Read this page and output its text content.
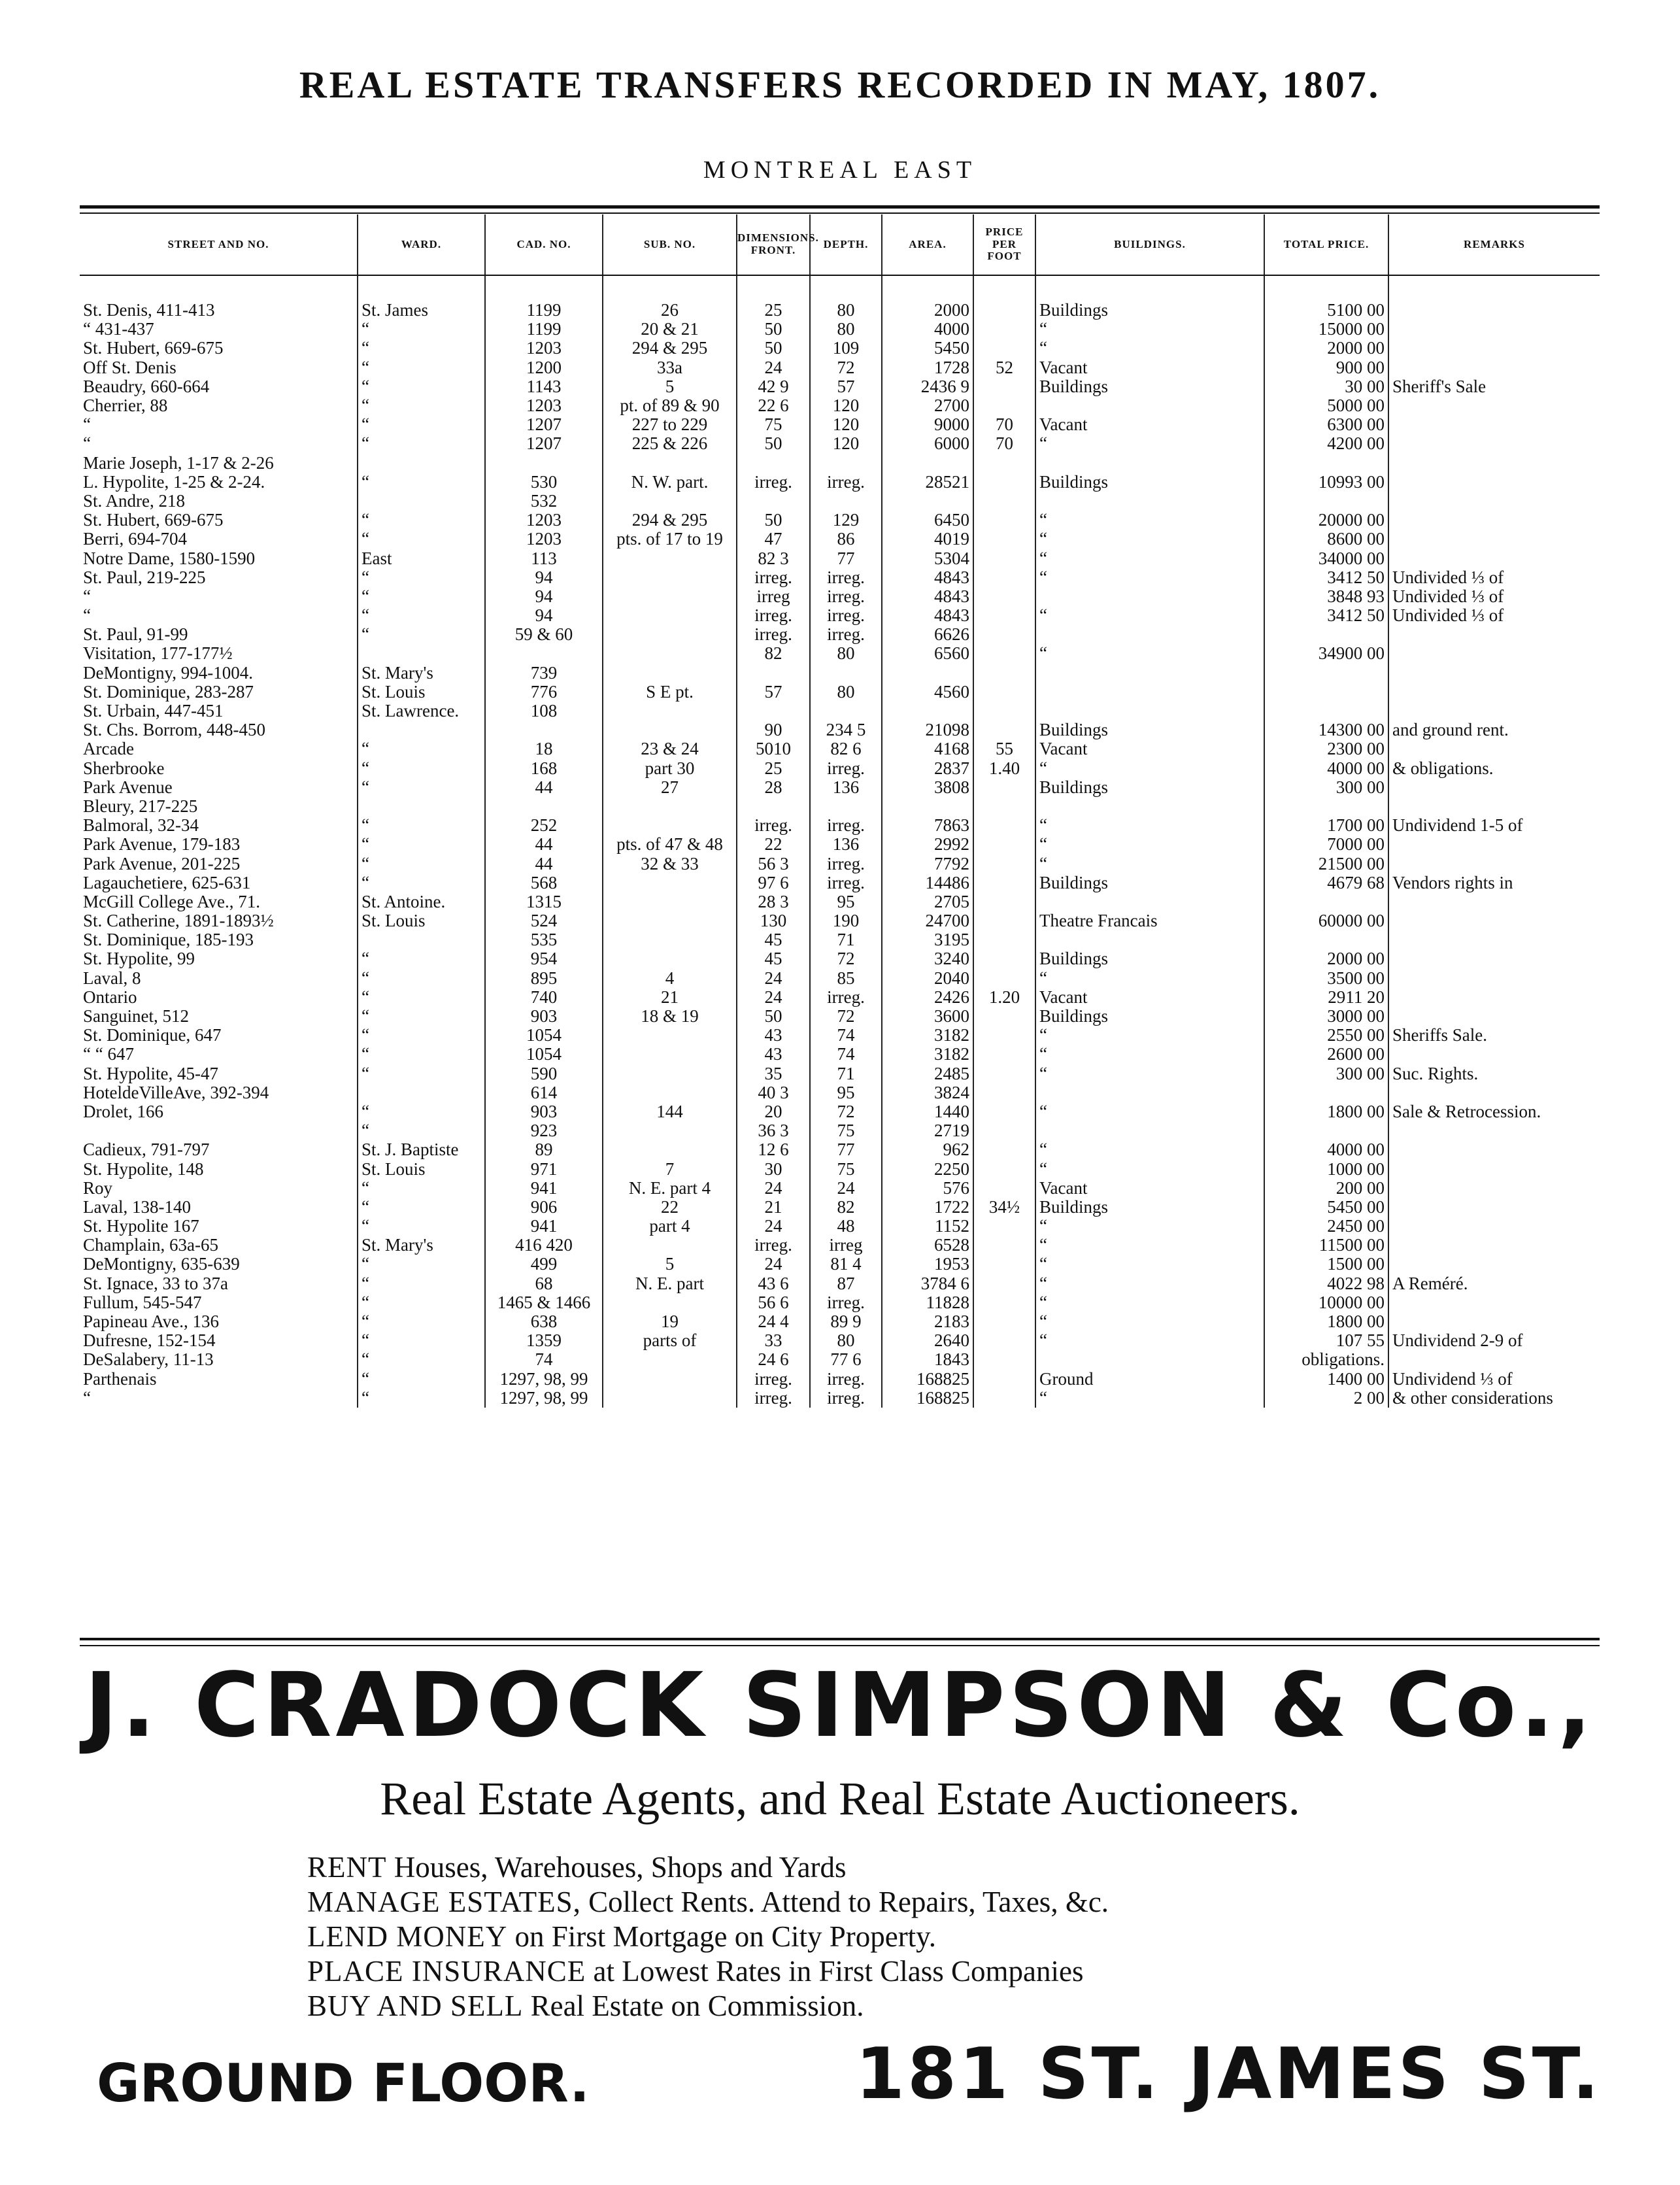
REAL ESTATE TRANSFERS RECORDED IN MAY, 1807.
MONTREAL EAST
STREET AND NO.	WARD.	CAD. NO.	SUB. NO.	DIMENSIONS. FRONT.	DEPTH.	AREA.	PRICE PER FOOT	BUILDINGS.	TOTAL PRICE.	REMARKS

St. Denis, 411-413	St. James	1199	26	25	80	2000		Buildings	5100 00	
“ 431-437	“	1199	20 & 21	50	80	4000		“	15000 00	
St. Hubert, 669-675	“	1203	294 & 295	50	109	5450		“	2000 00	
Off St. Denis	“	1200	33a	24	72	1728	52	Vacant	900 00	
Beaudry, 660-664	“	1143	5	42 9	57	2436 9		Buildings	30 00	Sheriff's Sale
Cherrier, 88	“	1203	pt. of 89 & 90	22 6	120	2700			5000 00	
“	“	1207	227 to 229	75	120	9000	70	Vacant	6300 00	
“	“	1207	225 & 226	50	120	6000	70	“	4200 00	
Marie Joseph, 1-17 & 2-26										
L. Hypolite, 1-25 & 2-24.	“	530	N. W. part.	irreg.	irreg.	28521		Buildings	10993 00	
St. Andre, 218		532								
St. Hubert, 669-675	“	1203	294 & 295	50	129	6450		“	20000 00	
Berri, 694-704	“	1203	pts. of 17 to 19	47	86	4019		“	8600 00	
Notre Dame, 1580-1590	East	113		82 3	77	5304		“	34000 00	
St. Paul, 219-225	“	94		irreg.	irreg.	4843		“	3412 50	Undivided ⅓ of
“	“	94		irreg	irreg.	4843			3848 93	Undivided ⅓ of
“	“	94		irreg.	irreg.	4843		“	3412 50	Undivided ⅓ of
St. Paul, 91-99	“	59 & 60		irreg.	irreg.	6626				
Visitation, 177-177½				82	80	6560		“	34900 00	
DeMontigny, 994-1004.	St. Mary's	739								
St. Dominique, 283-287	St. Louis	776	S E pt.	57	80	4560				
St. Urbain, 447-451	St. Lawrence.	108								
St. Chs. Borrom, 448-450				90	234 5	21098		Buildings	14300 00	and ground rent.
Arcade	“	18	23 & 24	5010	82 6	4168	55	Vacant	2300 00	
Sherbrooke	“	168	part 30	25	irreg.	2837	1.40	“	4000 00	& obligations.
Park Avenue	“	44	27	28	136	3808		Buildings	300 00	
Bleury, 217-225										
Balmoral, 32-34	“	252		irreg.	irreg.	7863		“	1700 00	Undividend 1-5 of
Park Avenue, 179-183	“	44	pts. of 47 & 48	22	136	2992		“	7000 00	
Park Avenue, 201-225	“	44	32 & 33	56 3	irreg.	7792		“	21500 00	
Lagauchetiere, 625-631	“	568		97 6	irreg.	14486		Buildings	4679 68	Vendors rights in
McGill College Ave., 71.	St. Antoine.	1315		28 3	95	2705				
St. Catherine, 1891-1893½	St. Louis	524		130	190	24700		Theatre Francais	60000 00	
St. Dominique, 185-193		535		45	71	3195				
St. Hypolite, 99	“	954		45	72	3240		Buildings	2000 00	
Laval, 8	“	895	4	24	85	2040		“	3500 00	
Ontario	“	740	21	24	irreg.	2426	1.20	Vacant	2911 20	
Sanguinet, 512	“	903	18 & 19	50	72	3600		Buildings	3000 00	
St. Dominique, 647	“	1054		43	74	3182		“	2550 00	Sheriffs Sale.
“ “ 647	“	1054		43	74	3182		“	2600 00	
St. Hypolite, 45-47	“	590		35	71	2485		“	300 00	Suc. Rights.
HoteldeVilleAve, 392-394		614		40 3	95	3824				
Drolet, 166	“	903	144	20	72	1440		“	1800 00	Sale & Retrocession.
	“	923		36 3	75	2719				
Cadieux, 791-797	St. J. Baptiste	89		12 6	77	962		“	4000 00	
St. Hypolite, 148	St. Louis	971	7	30	75	2250		“	1000 00	
Roy	“	941	N. E. part 4	24	24	576		Vacant	200 00	
Laval, 138-140	“	906	22	21	82	1722	34½	Buildings	5450 00	
St. Hypolite 167	“	941	part 4	24	48	1152		“	2450 00	
Champlain, 63a-65	St. Mary's	416 420		irreg.	irreg	6528		“	11500 00	
DeMontigny, 635-639	“	499	5	24	81 4	1953		“	1500 00	
St. Ignace, 33 to 37a	“	68	N. E. part	43 6	87	3784 6		“	4022 98	A Reméré.
Fullum, 545-547	“	1465 & 1466		56 6	irreg.	11828		“	10000 00	
Papineau Ave., 136	“	638	19	24 4	89 9	2183		“	1800 00	
Dufresne, 152-154	“	1359	parts of	33	80	2640		“	107 55	Undividend 2-9 of
DeSalabery, 11-13	“	74		24 6	77 6	1843			obligations.	
Parthenais	“	1297, 98, 99		irreg.	irreg.	168825		Ground	1400 00	Undividend ⅓ of
“	“	1297, 98, 99		irreg.	irreg.	168825		“	2 00	& other considerations
J. CRADOCK SIMPSON & Co.,
Real Estate Agents, and Real Estate Auctioneers.
RENT Houses, Warehouses, Shops and Yards
MANAGE ESTATES, Collect Rents. Attend to Repairs, Taxes, &c.
LEND MONEY on First Mortgage on City Property.
PLACE INSURANCE at Lowest Rates in First Class Companies
BUY AND SELL Real Estate on Commission.
GROUND FLOOR.	181 ST. JAMES ST.
